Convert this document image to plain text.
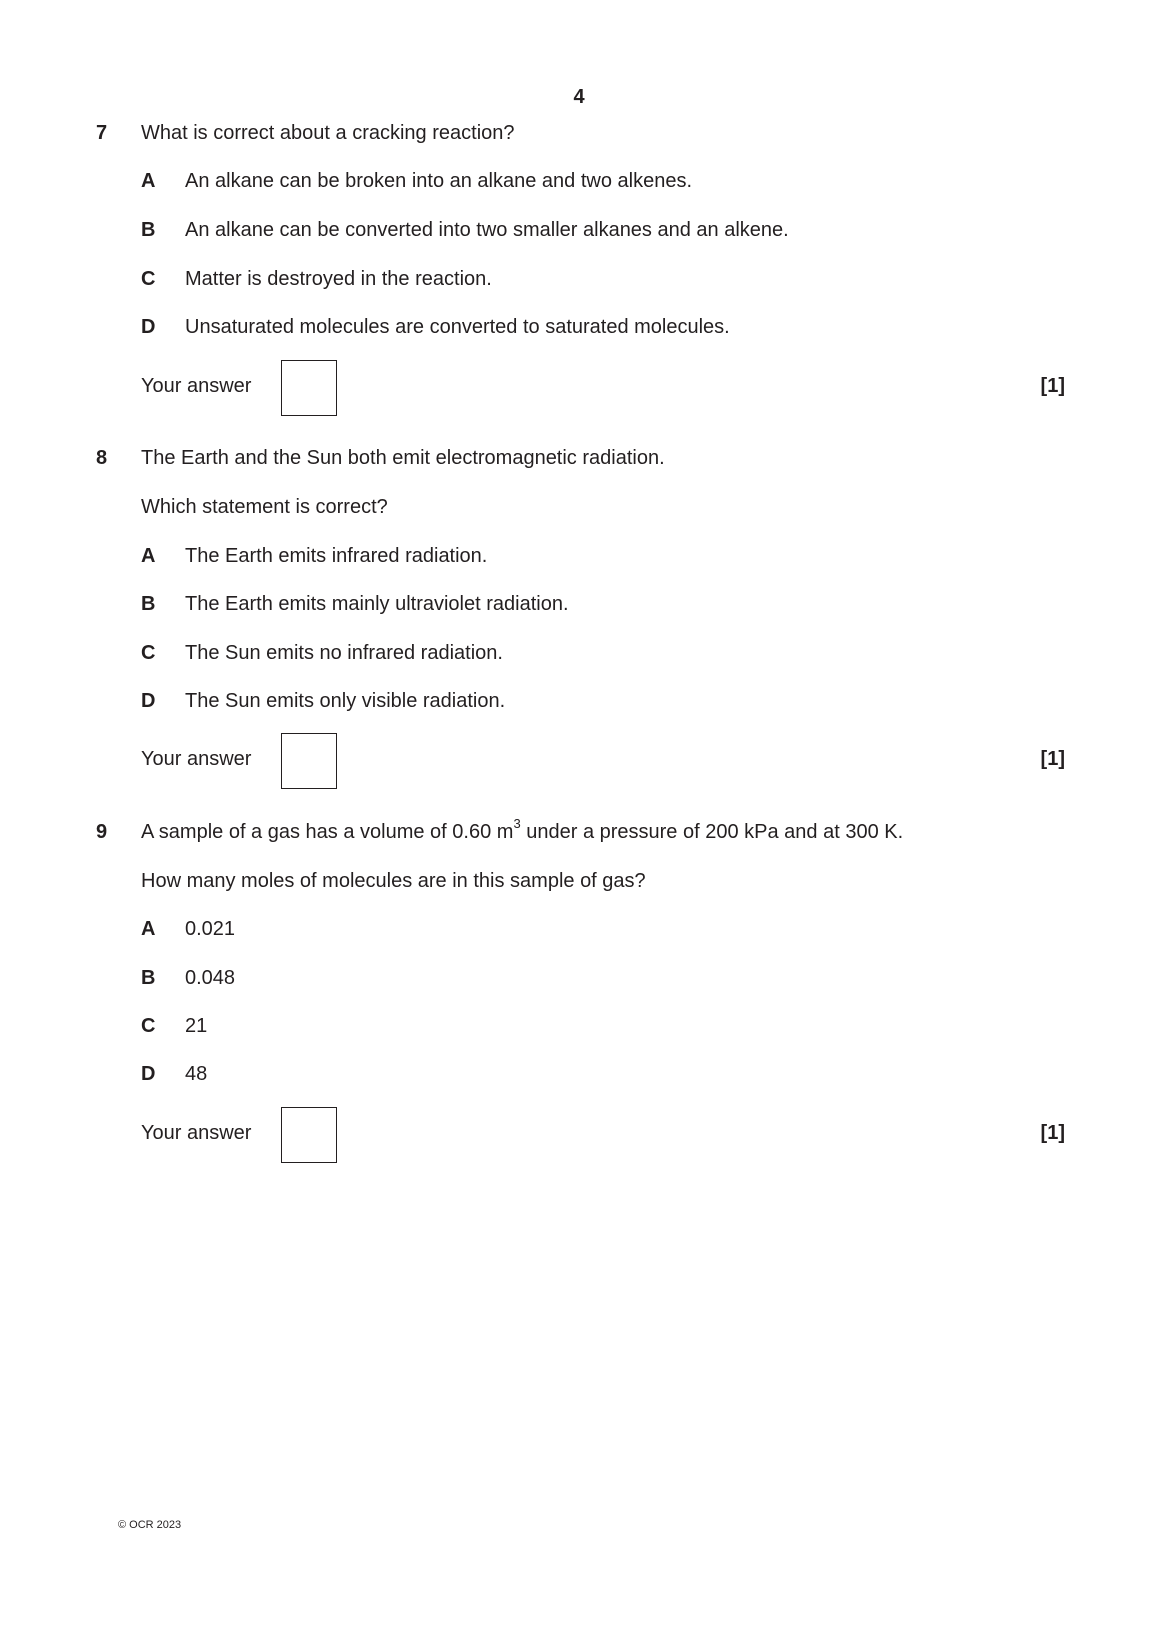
4
7 What is correct about a cracking reaction?
A An alkane can be broken into an alkane and two alkenes.
B An alkane can be converted into two smaller alkanes and an alkene.
C Matter is destroyed in the reaction.
D Unsaturated molecules are converted to saturated molecules.
Your answer	[1]
8 The Earth and the Sun both emit electromagnetic radiation.
Which statement is correct?
A The Earth emits infrared radiation.
B The Earth emits mainly ultraviolet radiation.
C The Sun emits no infrared radiation.
D The Sun emits only visible radiation.
Your answer	[1]
9 A sample of a gas has a volume of 0.60 $m^3$ under a pressure of 200 kPa and at 300 K.
How many moles of molecules are in this sample of gas?
A 0.021
B 0.048
C 21
D 48
Your answer	[1]
© OCR 2023
